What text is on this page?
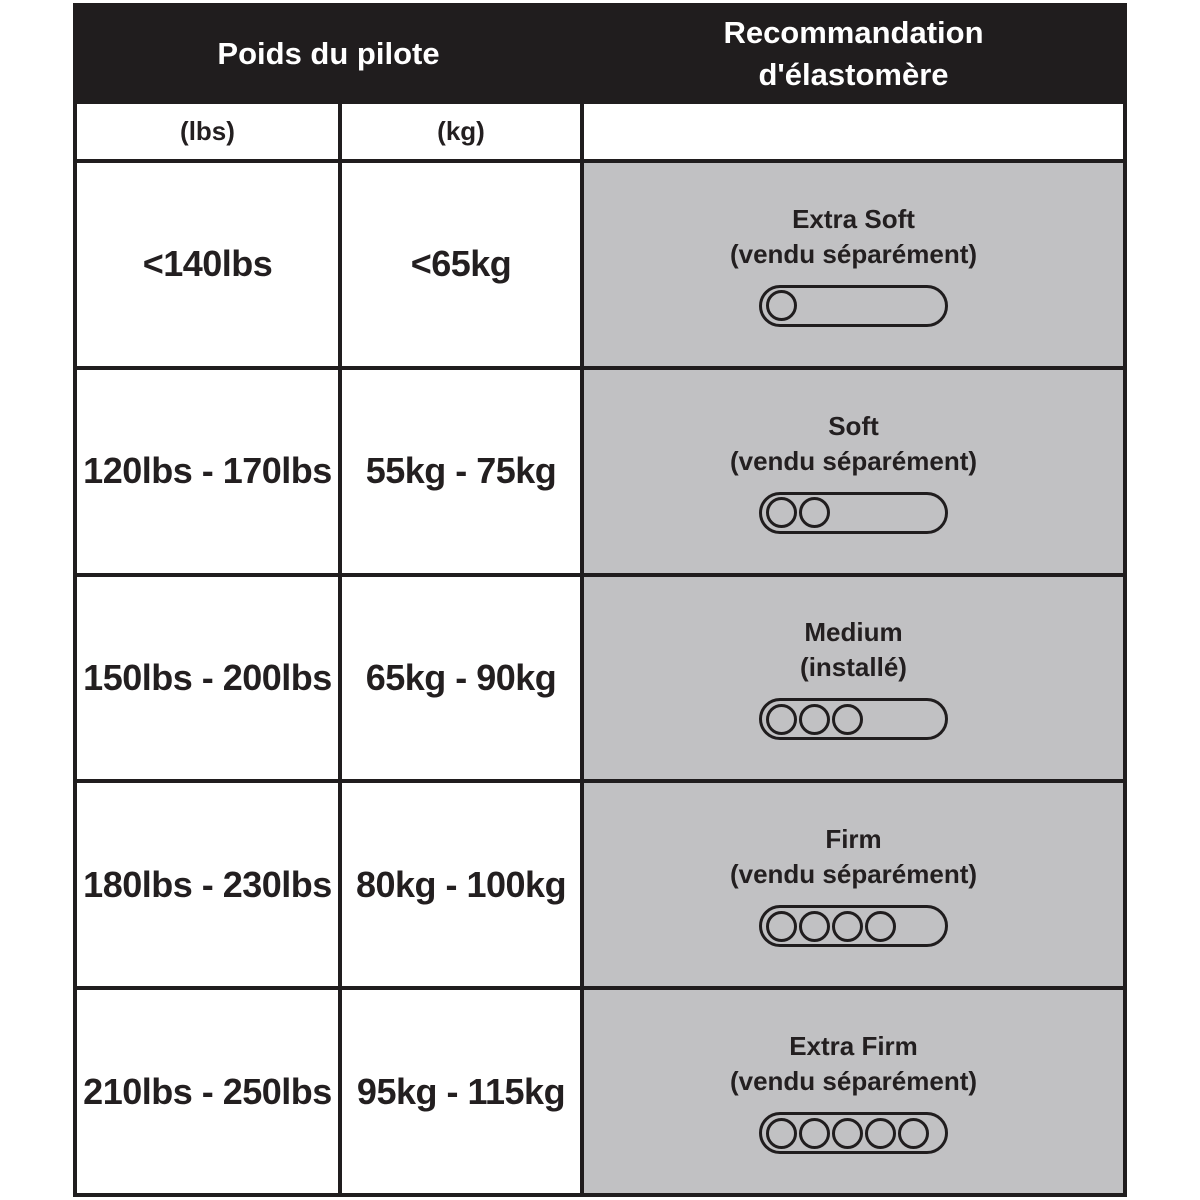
Poids du pilote
Recommandation d'élastomère
(lbs)	(kg)
<140lbs	<65kg
Extra Soft
(vendu séparément)
120lbs - 170lbs 55kg - 75kg
Soft
(vendu séparément)
150lbs - 200lbs 65kg - 90kg
Medium
(installé)
180lbs - 230lbs 80kg - 100kg
Firm
(vendu séparément)
210lbs - 250lbs 95kg - 115kg
Extra Firm
(vendu séparément)
